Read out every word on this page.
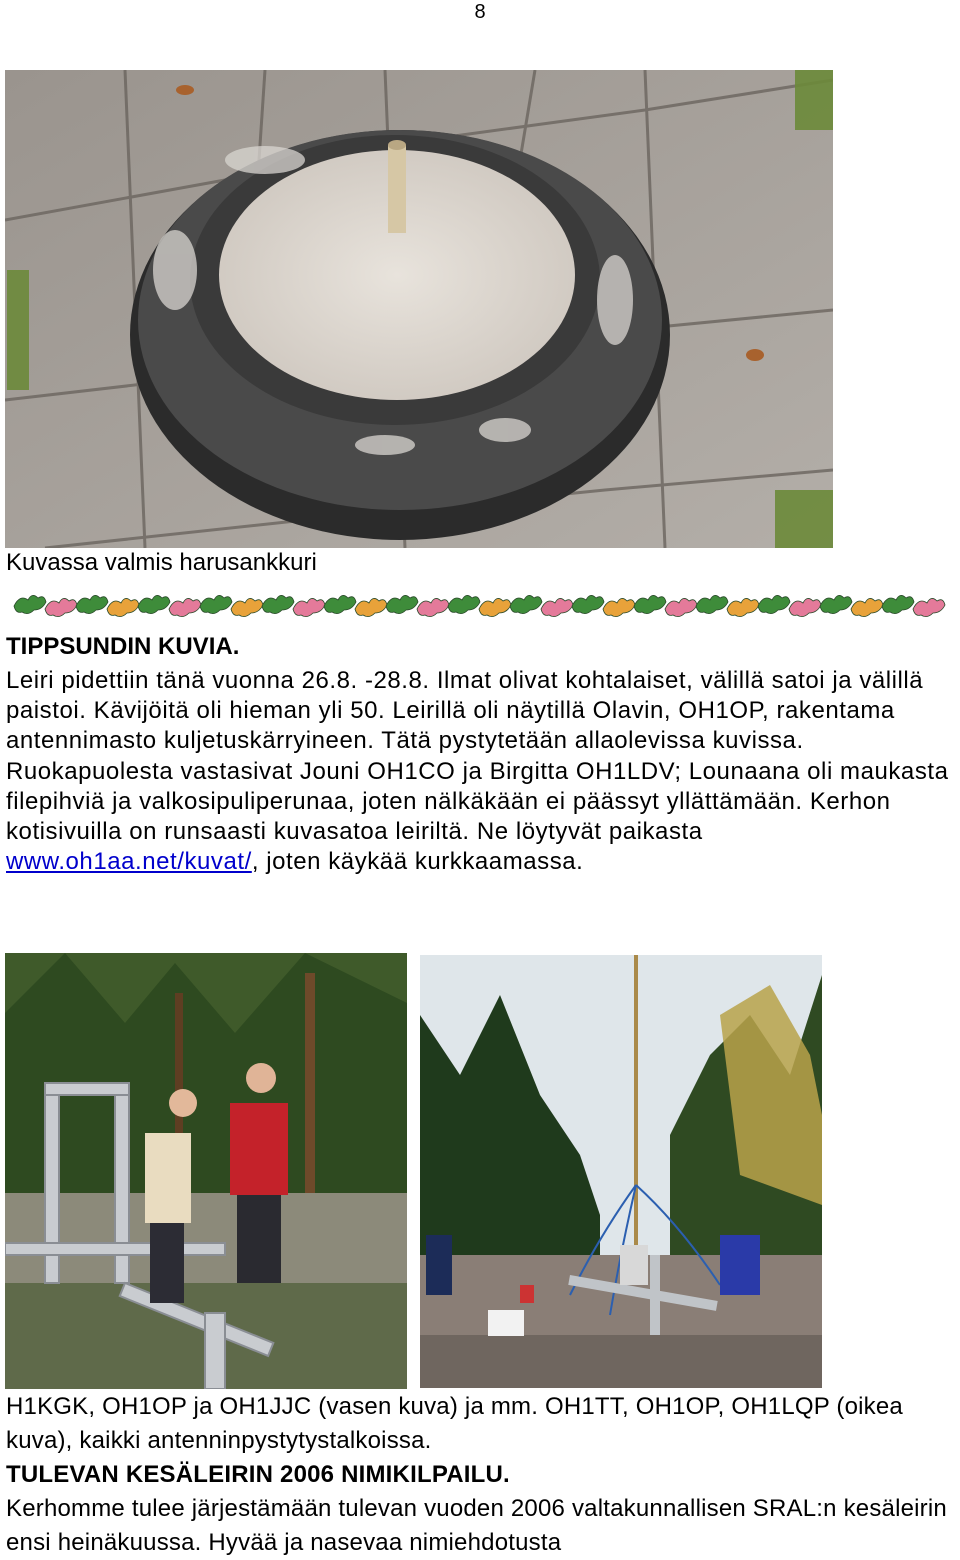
8
Kuvassa valmis harusankkuri
TIPPSUNDIN KUVIA.
Leiri pidettiin tänä vuonna 26.8. -28.8. Ilmat olivat kohtalaiset, välillä satoi ja välillä paistoi. Kävijöitä oli hieman yli 50. Leirillä oli näytillä Olavin, OH1OP, rakentama antennimasto kuljetuskärryineen. Tätä pystytetään allaolevissa kuvissa. Ruokapuolesta vastasivat Jouni OH1CO ja Birgitta OH1LDV; Lounaana oli maukasta filepihviä ja valkosipuliperunaa, joten nälkäkään ei päässyt yllättämään. Kerhon kotisivuilla on runsaasti kuvasatoa leiriltä. Ne löytyvät paikasta www.oh1aa.net/kuvat/, joten käykää kurkkaamassa.
H1KGK, OH1OP ja OH1JJC (vasen kuva) ja mm. OH1TT, OH1OP, OH1LQP (oikea kuva), kaikki antenninpystytystalkoissa.
TULEVAN KESÄLEIRIN 2006 NIMIKILPAILU.
Kerhomme tulee järjestämään tulevan vuoden 2006 valtakunnallisen SRAL:n kesäleirin ensi heinäkuussa. Hyvää ja nasevaa nimiehdotusta
